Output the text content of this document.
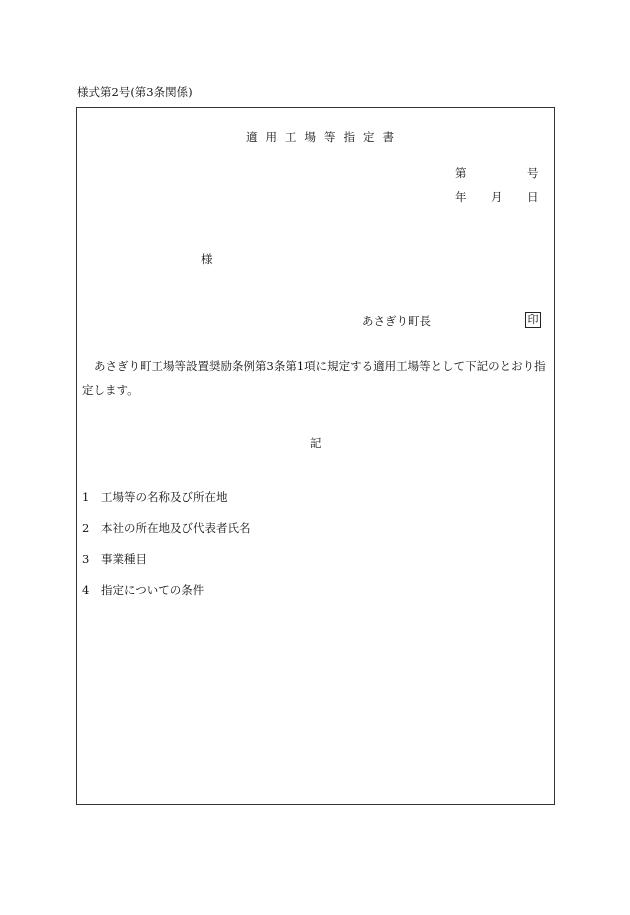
様式第2号(第3条関係)
適用工場等指定書
第	号
年 月 日
様
あさぎり町長	印
あさぎり町工場等設置奨励条例第3条第1項に規定する適用工場等として下記のとおり指定します。
記
1 工場等の名称及び所在地
2 本社の所在地及び代表者氏名
3 事業種目
4 指定についての条件
